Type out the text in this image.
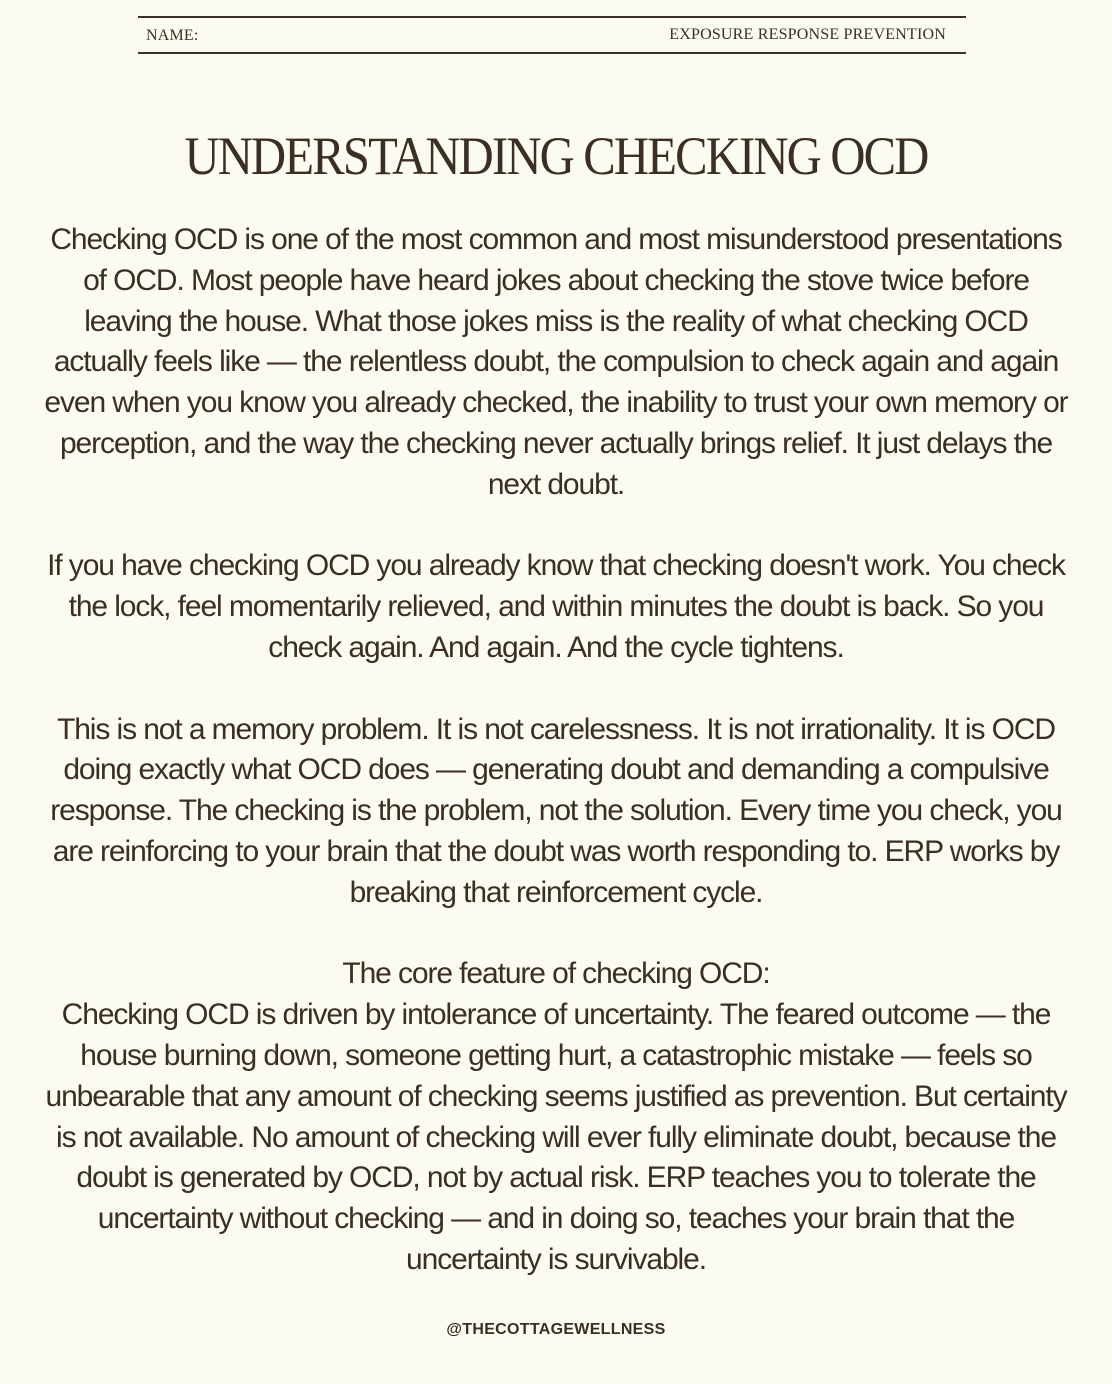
NAME:	EXPOSURE RESPONSE PREVENTION
UNDERSTANDING CHECKING OCD

Checking OCD is one of the most common and most misunderstood presentations of OCD. Most people have heard jokes about checking the stove twice before leaving the house. What those jokes miss is the reality of what checking OCD actually feels like — the relentless doubt, the compulsion to check again and again even when you know you already checked, the inability to trust your own memory or perception, and the way the checking never actually brings relief. It just delays the next doubt.

If you have checking OCD you already know that checking doesn't work. You check the lock, feel momentarily relieved, and within minutes the doubt is back. So you check again. And again. And the cycle tightens.

This is not a memory problem. It is not carelessness. It is not irrationality. It is OCD doing exactly what OCD does — generating doubt and demanding a compulsive response. The checking is the problem, not the solution. Every time you check, you are reinforcing to your brain that the doubt was worth responding to. ERP works by breaking that reinforcement cycle.

The core feature of checking OCD:
Checking OCD is driven by intolerance of uncertainty. The feared outcome — the house burning down, someone getting hurt, a catastrophic mistake — feels so unbearable that any amount of checking seems justified as prevention. But certainty is not available. No amount of checking will ever fully eliminate doubt, because the doubt is generated by OCD, not by actual risk. ERP teaches you to tolerate the uncertainty without checking — and in doing so, teaches your brain that the uncertainty is survivable.

@THECOTTAGEWELLNESS
